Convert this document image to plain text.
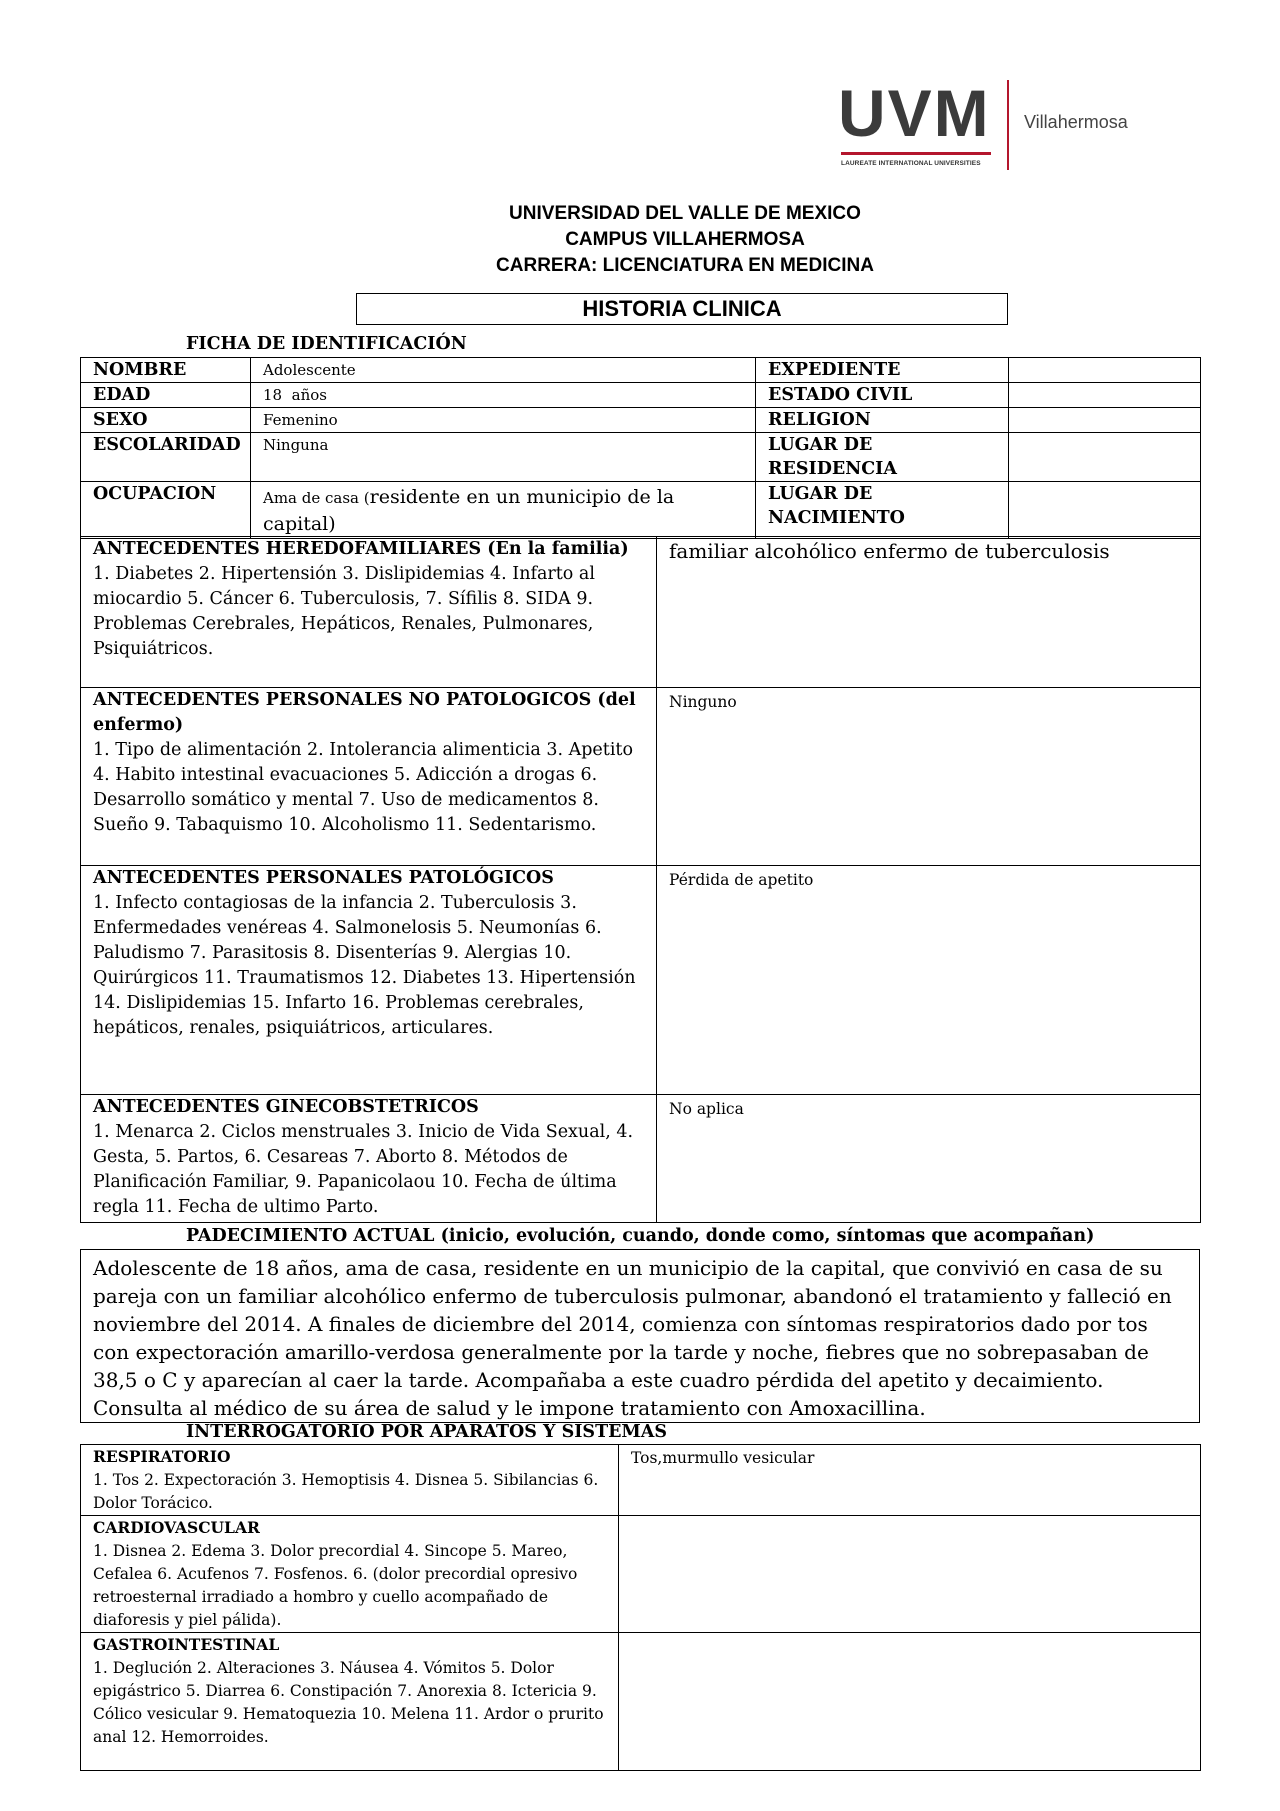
UVM
LAUREATE INTERNATIONAL UNIVERSITIES
Villahermosa
UNIVERSIDAD DEL VALLE DE MEXICO
CAMPUS VILLAHERMOSA
CARRERA: LICENCIATURA EN MEDICINA
HISTORIA CLINICA
FICHA DE IDENTIFICACIÓN
NOMBRE	Adolescente	EXPEDIENTE	
EDAD	18  años	ESTADO CIVIL	
SEXO	Femenino	RELIGION	
ESCOLARIDAD	Ninguna	LUGAR DE RESIDENCIA	
OCUPACION	Ama de casa (residente en un municipio de la capital)	LUGAR DE NACIMIENTO	
ANTECEDENTES HEREDOFAMILIARES (En la familia)
1. Diabetes 2. Hipertensión 3. Dislipidemias 4. Infarto al miocardio 5. Cáncer 6. Tuberculosis, 7. Sífilis 8. SIDA 9. Problemas Cerebrales, Hepáticos, Renales, Pulmonares, Psiquiátricos.	familiar alcohólico enfermo de tuberculosis
ANTECEDENTES PERSONALES NO PATOLOGICOS (del enfermo)
1. Tipo de alimentación 2. Intolerancia alimenticia 3. Apetito 4. Habito intestinal evacuaciones 5. Adicción a drogas 6. Desarrollo somático y mental 7. Uso de medicamentos 8. Sueño 9. Tabaquismo 10. Alcoholismo 11. Sedentarismo.	Ninguno
ANTECEDENTES PERSONALES PATOLÓGICOS
1. Infecto contagiosas de la infancia 2. Tuberculosis 3. Enfermedades venéreas 4. Salmonelosis 5. Neumonías 6. Paludismo 7. Parasitosis 8. Disenterías 9. Alergias 10. Quirúrgicos 11. Traumatismos 12. Diabetes 13. Hipertensión 14. Dislipidemias 15. Infarto 16. Problemas cerebrales, hepáticos, renales, psiquiátricos, articulares.	Pérdida de apetito
ANTECEDENTES GINECOBSTETRICOS
1. Menarca 2. Ciclos menstruales 3. Inicio de Vida Sexual, 4. Gesta, 5. Partos, 6. Cesareas 7. Aborto 8. Métodos de Planificación Familiar, 9. Papanicolaou 10. Fecha de última regla 11. Fecha de ultimo Parto.	No aplica
PADECIMIENTO ACTUAL (inicio, evolución, cuando, donde como, síntomas que acompañan)
Adolescente de 18 años, ama de casa, residente en un municipio de la capital, que convivió en casa de su pareja con un familiar alcohólico enfermo de tuberculosis pulmonar, abandonó el tratamiento y falleció en noviembre del 2014. A finales de diciembre del 2014, comienza con síntomas respiratorios dado por tos con expectoración amarillo-verdosa generalmente por la tarde y noche, fiebres que no sobrepasaban de 38,5 o C y aparecían al caer la tarde. Acompañaba a este cuadro pérdida del apetito y decaimiento. Consulta al médico de su área de salud y le impone tratamiento con Amoxacillina.
INTERROGATORIO POR APARATOS Y SISTEMAS
RESPIRATORIO
1. Tos 2. Expectoración 3. Hemoptisis 4. Disnea 5. Sibilancias 6. Dolor Torácico.	Tos,murmullo vesicular
CARDIOVASCULAR
1. Disnea 2. Edema 3. Dolor precordial 4. Sincope 5. Mareo, Cefalea 6. Acufenos 7. Fosfenos. 6. (dolor precordial opresivo retroesternal irradiado a hombro y cuello acompañado de diaforesis y piel pálida).	
GASTROINTESTINAL
1. Deglución 2. Alteraciones 3. Náusea 4. Vómitos 5. Dolor epigástrico 5. Diarrea 6. Constipación 7. Anorexia 8. Ictericia 9. Cólico vesicular 9. Hematoquezia 10. Melena 11. Ardor o prurito anal 12. Hemorroides.	
